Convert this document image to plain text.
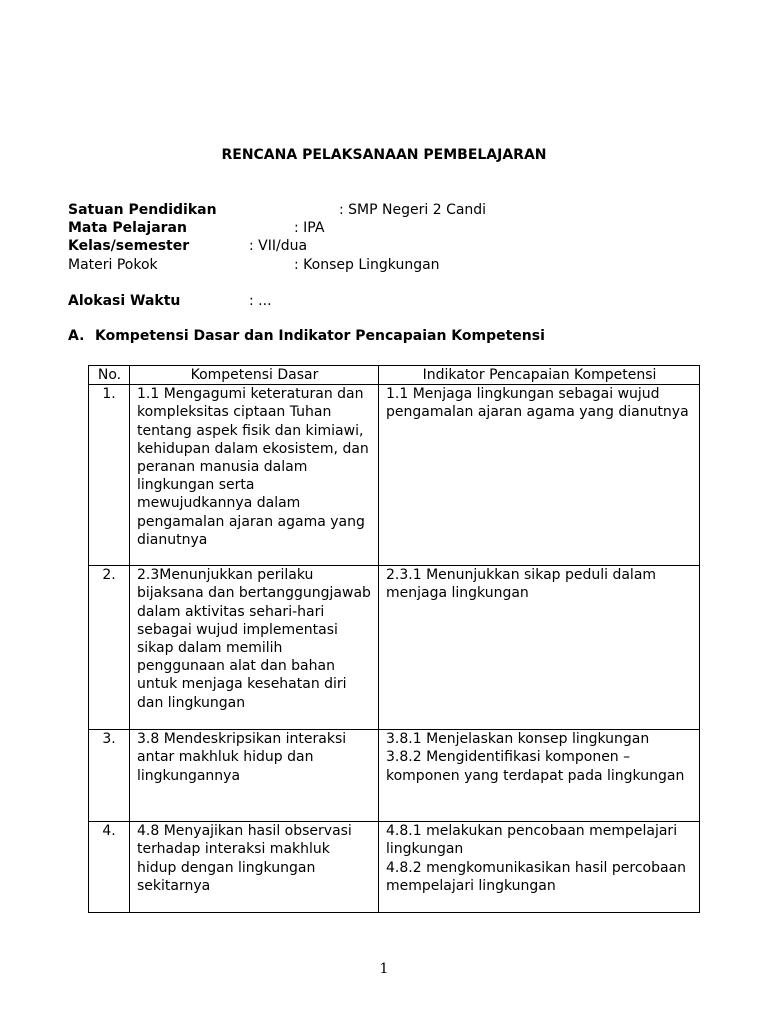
RENCANA PELAKSANAAN PEMBELAJARAN
Satuan Pendidikan	: SMP Negeri 2 Candi
Mata Pelajaran	: IPA
Kelas/semester	: VII/dua
Materi Pokok	: Konsep Lingkungan
Alokasi Waktu	: ...
A. Kompetensi Dasar dan Indikator Pencapaian Kompetensi
No.	Kompetensi Dasar	Indikator Pencapaian Kompetensi
1.	1.1 Mengagumi keteraturan dan kompleksitas ciptaan Tuhan tentang aspek fisik dan kimiawi, kehidupan dalam ekosistem, dan peranan manusia dalam lingkungan serta mewujudkannya dalam pengamalan ajaran agama yang dianutnya	1.1 Menjaga lingkungan sebagai wujud pengamalan ajaran agama yang dianutnya

2.	2.3Menunjukkan perilaku bijaksana dan bertanggungjawab dalam aktivitas sehari-hari sebagai wujud implementasi sikap dalam memilih penggunaan alat dan bahan untuk menjaga kesehatan diri dan lingkungan	2.3.1 Menunjukkan sikap peduli dalam menjaga lingkungan

3.	3.8 Mendeskripsikan interaksi antar makhluk hidup dan lingkungannya	3.8.1 Menjelaskan konsep lingkungan
3.8.2 Mengidentifikasi komponen – komponen yang terdapat pada lingkungan

4.	4.8 Menyajikan hasil observasi terhadap interaksi makhluk hidup dengan lingkungan sekitarnya	4.8.1 melakukan pencobaan mempelajari lingkungan
4.8.2 mengkomunikasikan hasil percobaan mempelajari lingkungan
1
